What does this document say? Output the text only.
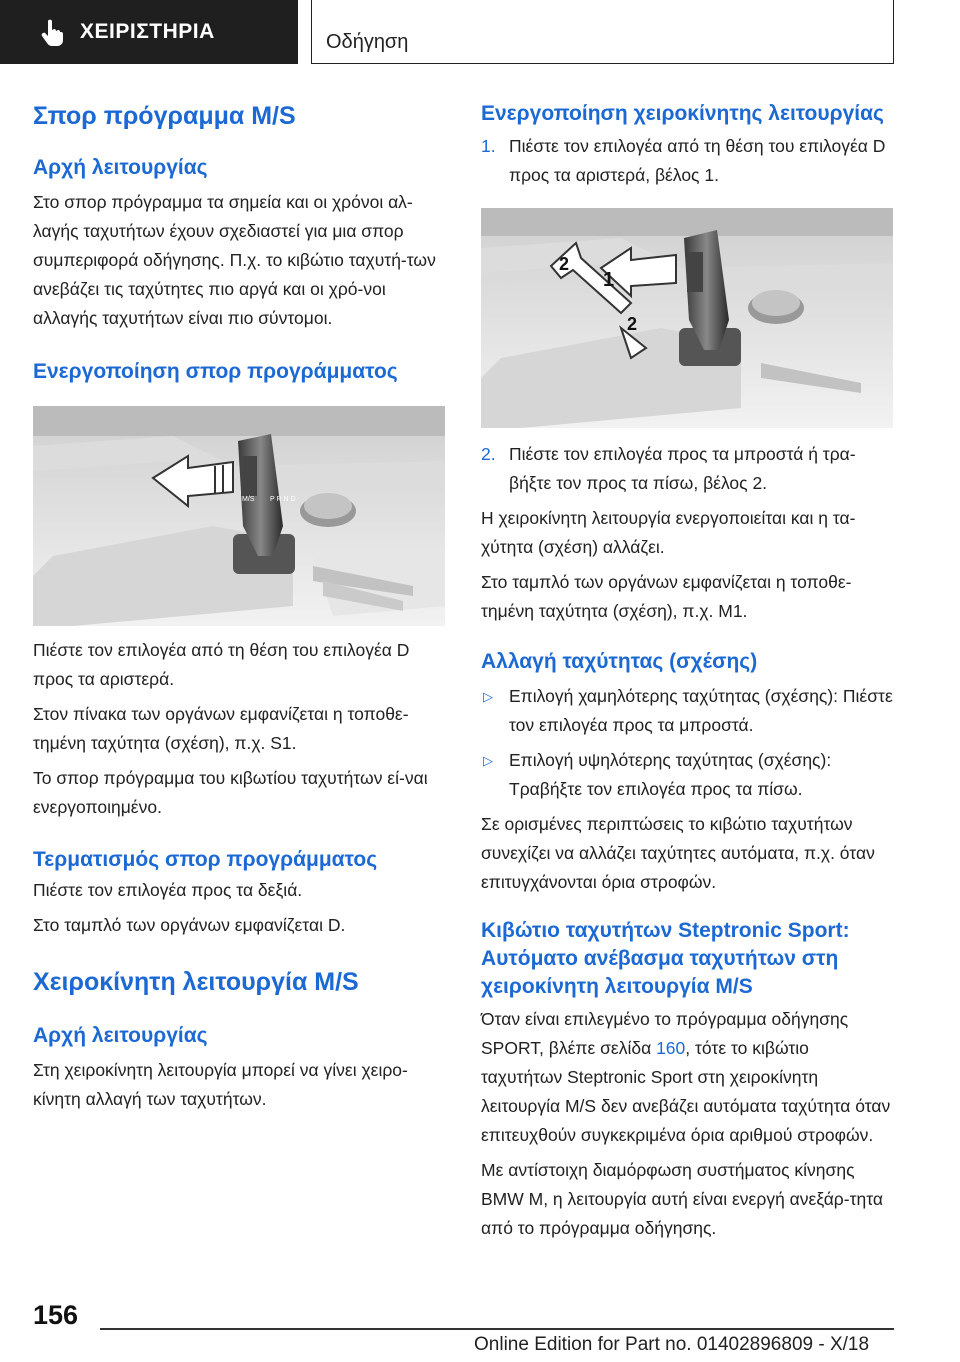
ΧΕΙΡΙΣΤΗΡΙΑ	Οδήγηση
Σπορ πρόγραμμα M/S
Αρχή λειτουργίας

Στο σπορ πρόγραμμα τα σημεία και οι χρόνοι αλ-λαγής ταχυτήτων έχουν σχεδιαστεί για μια σπορ συμπεριφορά οδήγησης. Π.χ. το κιβώτιο ταχυτή-των ανεβάζει τις ταχύτητες πιο αργά και οι χρό-νοι αλλαγής ταχυτήτων είναι πιο σύντομοι.

Ενεργοποίηση σπορ προγράμματος
M/S P R N D

Πιέστε τον επιλογέα από τη θέση του επιλογέα D προς τα αριστερά.

Στον πίνακα των οργάνων εμφανίζεται η τοποθε-τημένη ταχύτητα (σχέση), π.χ. S1.

Το σπορ πρόγραμμα του κιβωτίου ταχυτήτων εί-ναι ενεργοποιημένο.

Τερματισμός σπορ προγράμματος

Πιέστε τον επιλογέα προς τα δεξιά.

Στο ταμπλό των οργάνων εμφανίζεται D.

Χειροκίνητη λειτουργία M/S
Αρχή λειτουργίας

Στη χειροκίνητη λειτουργία μπορεί να γίνει χειρο-κίνητη αλλαγή των ταχυτήτων.

Ενεργοποίηση χειροκίνητης λειτουργίας
1. Πιέστε τον επιλογέα από τη θέση του επιλογέα D προς τα αριστερά, βέλος 1.
1
2
2
2. Πιέστε τον επιλογέα προς τα μπροστά ή τρα-βήξτε τον προς τα πίσω, βέλος 2.

Η χειροκίνητη λειτουργία ενεργοποιείται και η τα-χύτητα (σχέση) αλλάζει.

Στο ταμπλό των οργάνων εμφανίζεται η τοποθε-τημένη ταχύτητα (σχέση), π.χ. M1.

Αλλαγή ταχύτητας (σχέσης)
▷ Επιλογή χαμηλότερης ταχύτητας (σχέσης): Πιέστε τον επιλογέα προς τα μπροστά.
▷ Επιλογή υψηλότερης ταχύτητας (σχέσης): Τραβήξτε τον επιλογέα προς τα πίσω.

Σε ορισμένες περιπτώσεις το κιβώτιο ταχυτήτων συνεχίζει να αλλάζει ταχύτητες αυτόματα, π.χ. όταν επιτυγχάνονται όρια στροφών.

Κιβώτιο ταχυτήτων Steptronic Sport: Αυτόματο ανέβασμα ταχυτήτων στη χειροκίνητη λειτουργία M/S

Όταν είναι επιλεγμένο το πρόγραμμα οδήγησης SPORT, βλέπε σελίδα 160, τότε το κιβώτιο ταχυτήτων Steptronic Sport στη χειροκίνητη λειτουργία M/S δεν ανεβάζει αυτόματα ταχύτητα όταν επιτευχθούν συγκεκριμένα όρια αριθμού στροφών.

Με αντίστοιχη διαμόρφωση συστήματος κίνησης BMW M, η λειτουργία αυτή είναι ενεργή ανεξάρ-τητα από το πρόγραμμα οδήγησης.

156
Online Edition for Part no. 01402896809 - X/18
